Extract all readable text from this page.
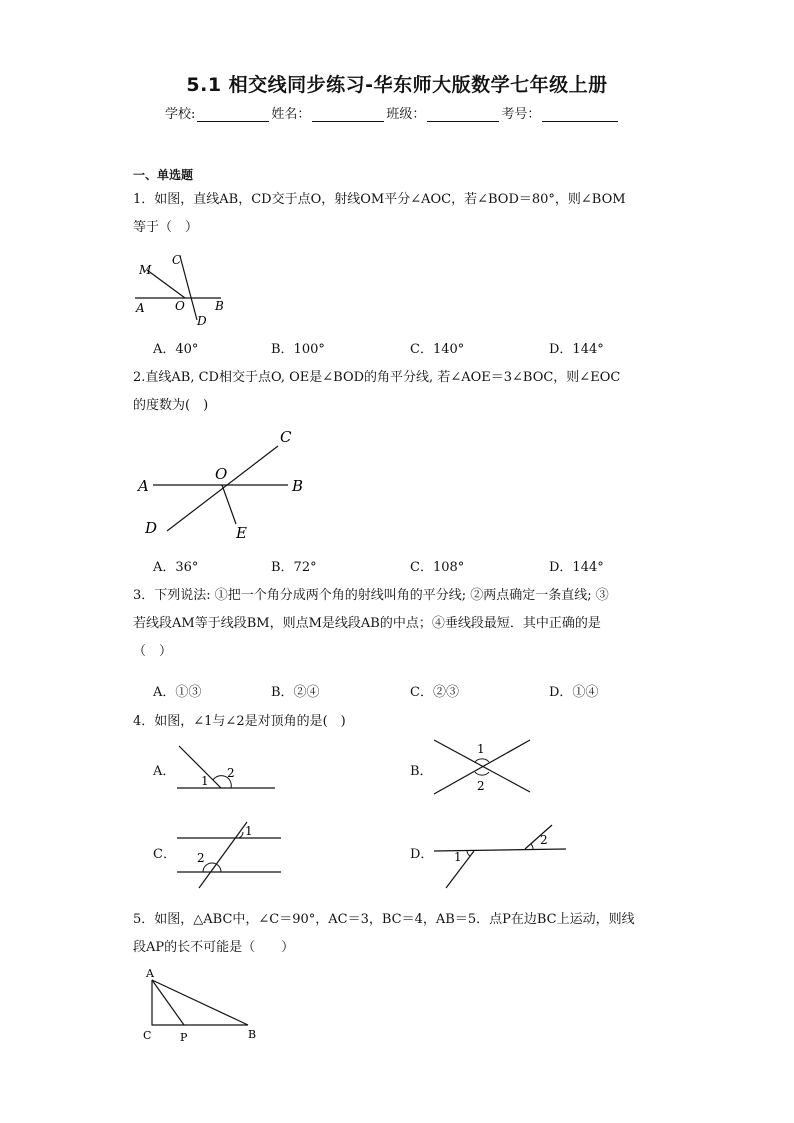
5.1 相交线同步练习-华东师大版数学七年级上册
学校:	姓名：	班级：	考号：
一、单选题
1．如图，直线AB，CD交于点O，射线OM平分∠AOC，若∠BOD＝80°，则∠BOM
等于（　）
M
C
A	O	B
D
A．40°	B．100°	C．140°	D．144°
2.直线AB, CD相交于点O, OE是∠BOD的角平分线, 若∠AOE＝3∠BOC，则∠EOC
的度数为(　)
C
O
A	B
D	E
A．36°	B．72°	C．108°	D．144°
3．下列说法: ①把一个角分成两个角的射线叫角的平分线; ②两点确定一条直线; ③
若线段AM等于线段BM，则点M是线段AB的中点；④垂线段最短．其中正确的是
（　）
A．①③	B．②④	C．②③	D．①④
4．如图，∠1与∠2是对顶角的是(　)
A．
1
2	B．
1
2
C．
1
2	D． 1
2
5．如图，△ABC中，∠C＝90°，AC＝3，BC＝4，AB＝5．点P在边BC上运动，则线
段AP的长不可能是（　　）
A
C	P	B
